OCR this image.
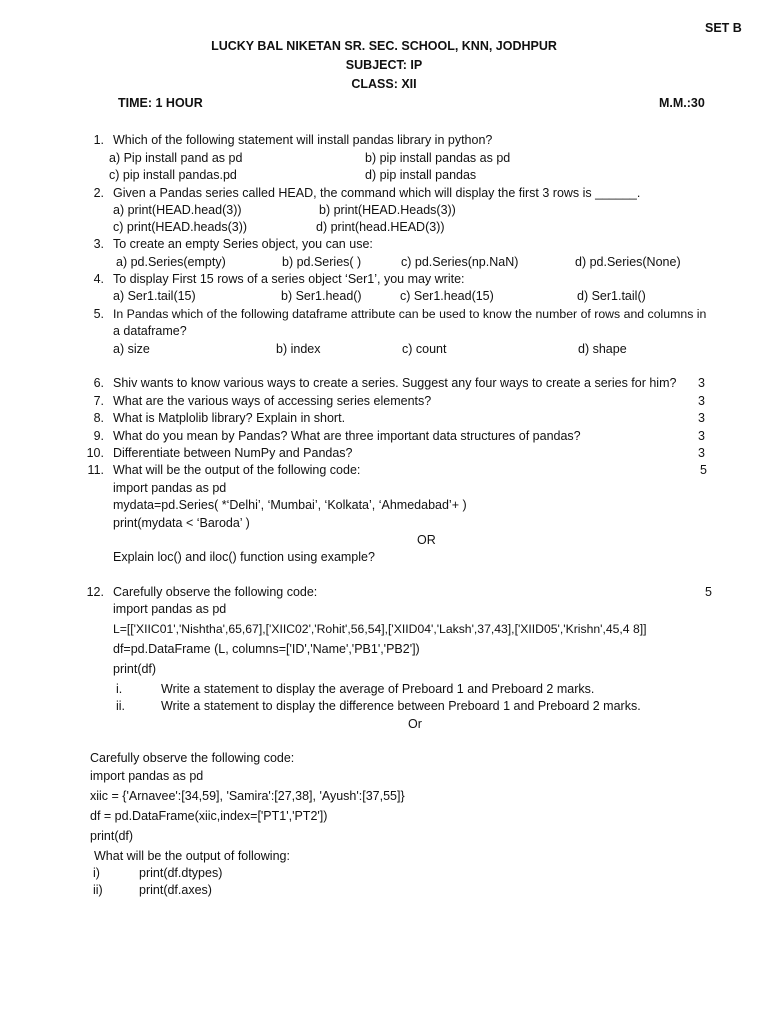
SET B
LUCKY BAL NIKETAN SR. SEC. SCHOOL, KNN, JODHPUR
SUBJECT: IP
CLASS: XII
TIME: 1 HOUR	M.M.:30
1. Which of the following statement will install pandas library in python?
a) Pip install pand as pd	b) pip install pandas as pd
c) pip install pandas.pd	d) pip install pandas
2. Given a Pandas series called HEAD, the command which will display the first 3 rows is ______.
a) print(HEAD.head(3))	b) print(HEAD.Heads(3))
c) print(HEAD.heads(3))	d) print(head.HEAD(3))
3. To create an empty Series object, you can use:
a) pd.Series(empty)	b) pd.Series( )	c) pd.Series(np.NaN)	d) pd.Series(None)
4. To display First 15 rows of a series object ‘Ser1’, you may write:
a) Ser1.tail(15)	b) Ser1.head()	c) Ser1.head(15)	d) Ser1.tail()
5. In Pandas which of the following dataframe attribute can be used to know the number of rows and columns in
a dataframe?
a) size	b) index	c) count	d) shape
6. Shiv wants to know various ways to create a series. Suggest any four ways to create a series for him? 3
7. What are the various ways of accessing series elements?	3
8. What is Matplolib library? Explain in short.	3
9. What do you mean by Pandas? What are three important data structures of pandas?	3
10. Differentiate between NumPy and Pandas?	3
11. What will be the output of the following code:	5
import pandas as pd
mydata=pd.Series( *‘Delhi’, ‘Mumbai’, ‘Kolkata’, ‘Ahmedabad’+ )
print(mydata < ‘Baroda’ )
OR
Explain loc() and iloc() function using example?
12. Carefully observe the following code:	5
import pandas as pd
L=[['XIIC01','Nishtha',65,67],['XIIC02','Rohit',56,54],['XIID04','Laksh',37,43],['XIID05','Krishn',45,4 8]]
df=pd.DataFrame (L, columns=['ID','Name','PB1','PB2'])
print(df)
i.	Write a statement to display the average of Preboard 1 and Preboard 2 marks.
ii.	Write a statement to display the difference between Preboard 1 and Preboard 2 marks.
Or
Carefully observe the following code:
import pandas as pd
xiic = {'Arnavee':[34,59], 'Samira':[27,38], 'Ayush':[37,55]}
df = pd.DataFrame(xiic,index=['PT1','PT2'])
print(df)
What will be the output of following:
i)	print(df.dtypes)
ii)	print(df.axes)
